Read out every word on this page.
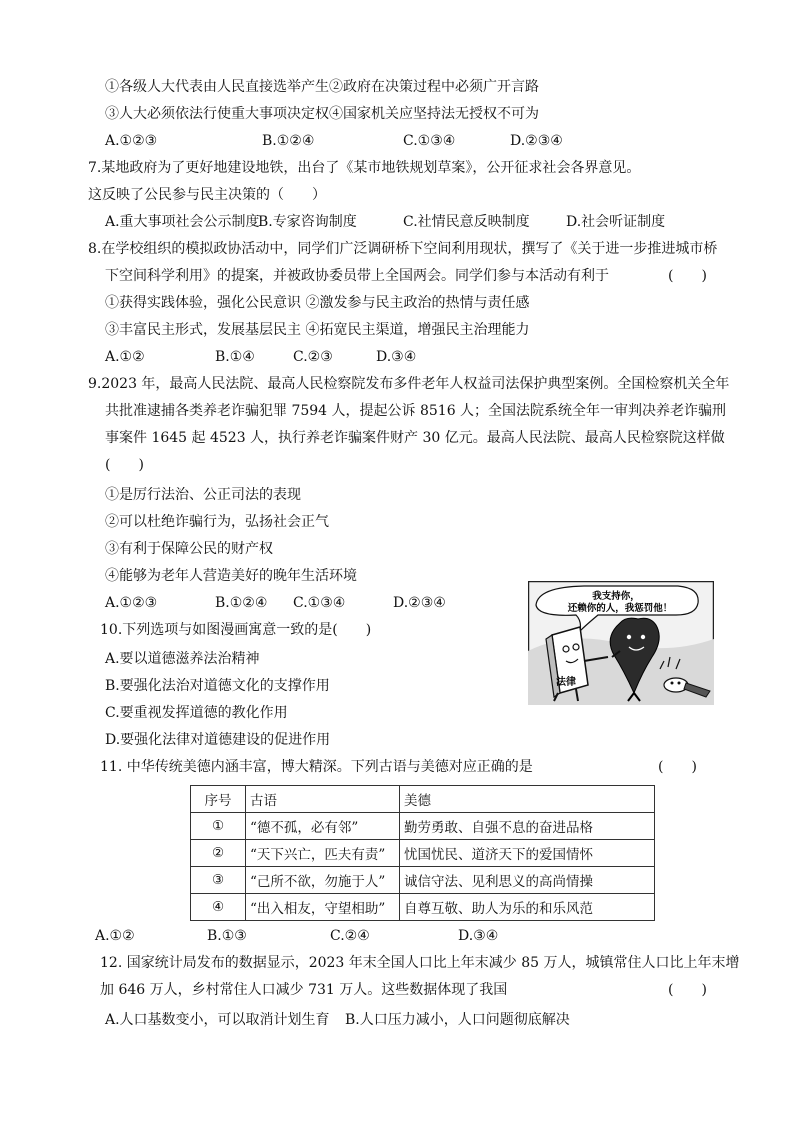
①各级人大代表由人民直接选举产生②政府在决策过程中必须广开言路
③人大必须依法行使重大事项决定权④国家机关应坚持法无授权不可为
A.①②③	B.①②④	C.①③④	D.②③④
7.某地政府为了更好地建设地铁，出台了《某市地铁规划草案》，公开征求社会各界意见。
这反映了公民参与民主决策的（　　）
A.重大事项社会公示制度
B.专家咨询制度	C.社情民意反映制度	D.社会听证制度
8.在学校组织的模拟政协活动中，同学们广泛调研桥下空间利用现状，撰写了《关于进一步推进城市桥
下空间科学利用》的提案，并被政协委员带上全国两会。同学们参与本活动有利于	(　　)
①获得实践体验，强化公民意识 ②激发参与民主政治的热情与责任感
③丰富民主形式，发展基层民主 ④拓宽民主渠道，增强民主治理能力
A.①②	B.①④	C.②③	D.③④
9.2023 年，最高人民法院、最高人民检察院发布多件老年人权益司法保护典型案例。全国检察机关全年
共批准逮捕各类养老诈骗犯罪 7594 人，提起公诉 8516 人；全国法院系统全年一审判决养老诈骗刑
事案件 1645 起 4523 人，执行养老诈骗案件财产 30 亿元。最高人民法院、最高人民检察院这样做
(　　)
①是厉行法治、公正司法的表现
②可以杜绝诈骗行为，弘扬社会正气
③有利于保障公民的财产权
④能够为老年人营造美好的晚年生活环境
A.①②③	B.①②④ C.①③④	D.②③④
10.下列选项与如图漫画寓意一致的是(　　)
A.要以道德滋养法治精神
B.要强化法治对道德文化的支撑作用
C.要重视发挥道德的教化作用
D.要强化法律对道德建设的促进作用
我支持你，
还赖你的人，我惩罚他！
法律
11. 中华传统美德内涵丰富，博大精深。下列古语与美德对应正确的是	(　　)
序号	古语	美德
①	“德不孤，必有邻”	勤劳勇敢、自强不息的奋进品格
②	“天下兴亡，匹夫有责”	忧国忧民、道济天下的爱国情怀
③	“己所不欲，勿施于人”	诚信守法、见利思义的高尚情操
④	“出入相友，守望相助”	自尊互敬、助人为乐的和乐风范
A.①②	B.①③	C.②④	D.③④
12. 国家统计局发布的数据显示，2023 年末全国人口比上年末减少 85 万人，城镇常住人口比上年末增
加 646 万人，乡村常住人口减少 731 万人。这些数据体现了我国	(　　)
A.人口基数变小，可以取消计划生育 B.人口压力减小，人口问题彻底解决
